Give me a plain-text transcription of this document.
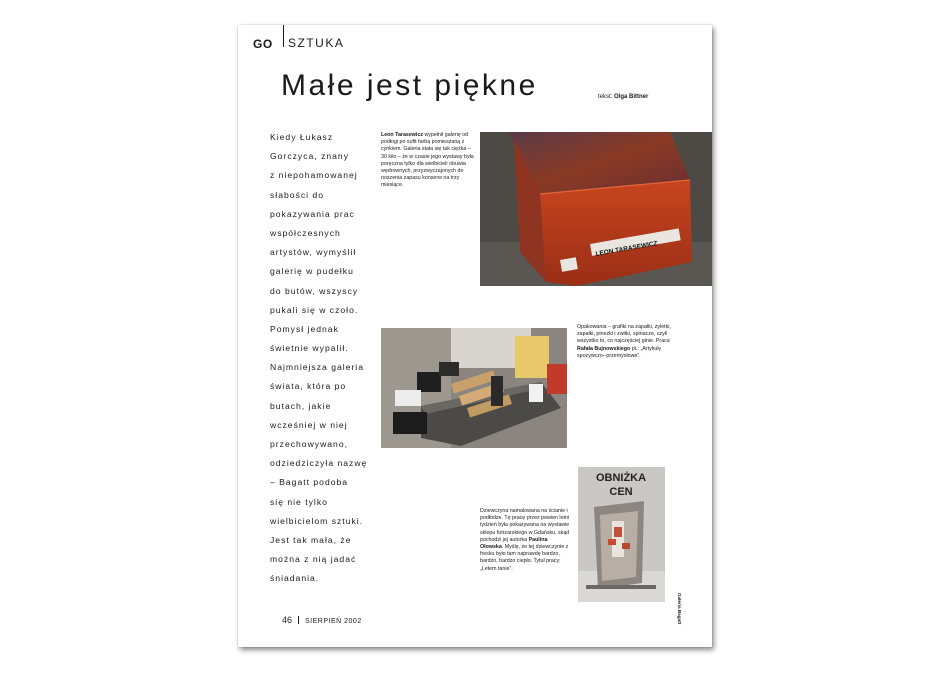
GO SZTUKA
Małe jest piękne	tekst: Olga Bittner
Kiedy Łukasz
Gorczyca, znany
z niepohamowanej
słabości do
pokazywania prac
współczesnych
artystów, wymyślił
galerię w pudełku
do butów, wszyscy
pukali się w czoło.
Pomysł jednak
świetnie wypalił.
Najmniejsza galeria
świata, która po
butach, jakie
wcześniej w niej
przechowywano,
odziedziczyła nazwę
– Bagatt podoba
się nie tylko
wielbicielom sztuki.
Jest tak mała, że
można z nią jadać
śniadania.
Leon Tarasewicz wypełnił galerię od podłogi po sufit farbą pomieszaną z cynkiem. Galeria stała się tak ciężka – 30 kilo – że w czasie jego wystawy była poręczna tylko dla wielbicieli obuwia wędrownych, przyzwyczajonych do noszenia zapasu konserw na trzy miesiące.
LEON TARASEWICZ
Opakowania – grafiki na zapałki, żyletki, zapałki, pinezki i zwitki, spinacze, czyli wszystko to, co najczęściej ginie. Praca Rafała Bujnowskiego pt.: „Artykuły spożywczo--przemysłowe”.
OBNIŻKA
CEN
Dziewczyna namalowana na ścianie i podłodze. Tę pracę przez pewien letni tydzień była pokazywana na wystawie sklepu futrzarskiego w Gdańsku, skąd pochodzi jej autorka Paulina Ołowska. Myślę, że tej dziewczynie z fresku było tam naprawdę bardzo, bardzo, bardzo ciepło. Tytuł pracy: „Letem tanie”.
Galeria Bagatt
46 SIERPIEŃ 2002
